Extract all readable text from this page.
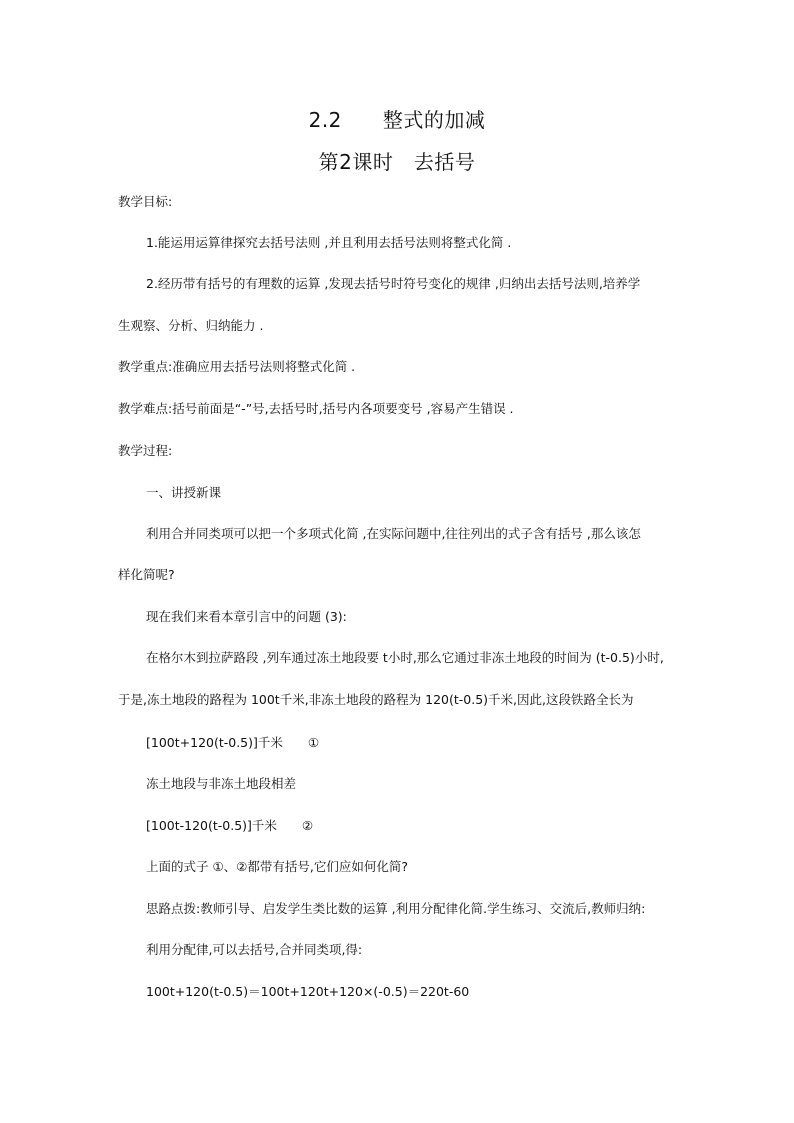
2.2　　整式的加减
第2课时　去括号
教学目标:
1.能运用运算律探究去括号法则 ,并且利用去括号法则将整式化简 .
2.经历带有括号的有理数的运算 ,发现去括号时符号变化的规律 ,归纳出去括号法则,培养学
生观察、分析、归纳能力 .
教学重点:准确应用去括号法则将整式化简 .
教学难点:括号前面是“-”号,去括号时,括号内各项要变号 ,容易产生错误 .
教学过程:
一、讲授新课
利用合并同类项可以把一个多项式化简 ,在实际问题中,往往列出的式子含有括号 ,那么该怎
样化简呢?
现在我们来看本章引言中的问题 (3):
在格尔木到拉萨路段 ,列车通过冻土地段要 t小时,那么它通过非冻土地段的时间为 (t-0.5)小时,
于是,冻土地段的路程为 100t千米,非冻土地段的路程为 120(t-0.5)千米,因此,这段铁路全长为
[100t+120(t-0.5)]千米　　①
冻土地段与非冻土地段相差
[100t-120(t-0.5)]千米　　②
上面的式子 ①、②都带有括号,它们应如何化简?
思路点拨:教师引导、启发学生类比数的运算 ,利用分配律化简.学生练习、交流后,教师归纳:
利用分配律,可以去括号,合并同类项,得:
100t+120(t-0.5)＝100t+120t+120×(-0.5)＝220t-60
